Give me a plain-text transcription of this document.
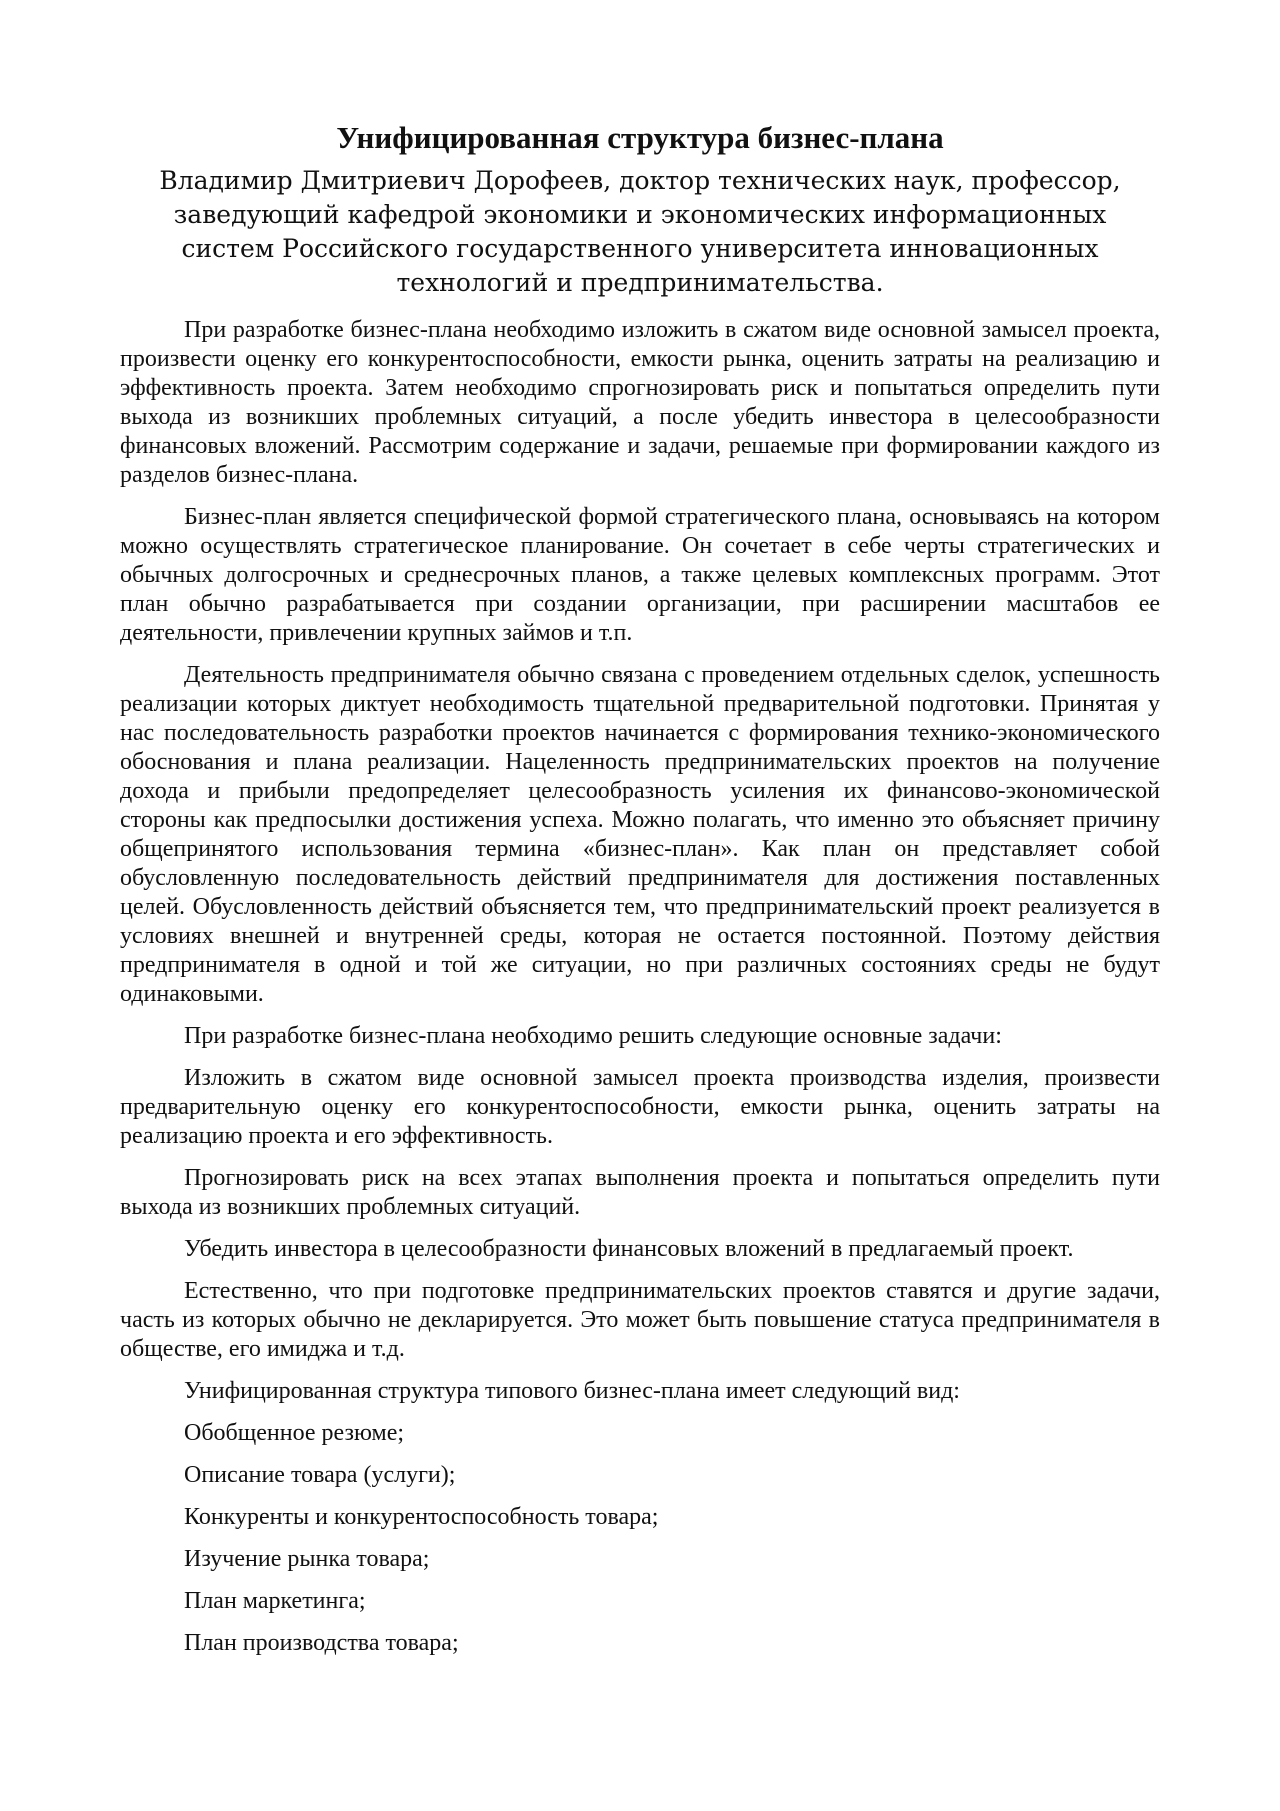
Унифицированная структура бизнес-плана
Владимир Дмитриевич Дорофеев, доктор технических наук, профессор, заведующий кафедрой экономики и экономических информационных систем Российского государственного университета инновационных технологий и предпринимательства.

При разработке бизнес-плана необходимо изложить в сжатом виде основной замысел проекта, произвести оценку его конкурентоспособности, емкости рынка, оценить затраты на реализацию и эффективность проекта. Затем необходимо спрогнозировать риск и попытаться определить пути выхода из возникших проблемных ситуаций, а после убедить инвестора в целесообразности финансовых вложений. Рассмотрим содержание и задачи, решаемые при формировании каждого из разделов бизнес-плана.

Бизнес-план является специфической формой стратегического плана, основываясь на котором можно осуществлять стратегическое планирование. Он сочетает в себе черты стратегических и обычных долгосрочных и среднесрочных планов, а также целевых комплексных программ. Этот план обычно разрабатывается при создании организации, при расширении масштабов ее деятельности, привлечении крупных займов и т.п.

Деятельность предпринимателя обычно связана с проведением отдельных сделок, успешность реализации которых диктует необходимость тщательной предварительной подготовки. Принятая у нас последовательность разработки проектов начинается с формирования технико-экономического обоснования и плана реализации. Нацеленность предпринимательских проектов на получение дохода и прибыли предопределяет целесообразность усиления их финансово-экономической стороны как предпосылки достижения успеха. Можно полагать, что именно это объясняет причину общепринятого использования термина «бизнес-план». Как план он представляет собой обусловленную последовательность действий предпринимателя для достижения поставленных целей. Обусловленность действий объясняется тем, что предпринимательский проект реализуется в условиях внешней и внутренней среды, которая не остается постоянной. Поэтому действия предпринимателя в одной и той же ситуации, но при различных состояниях среды не будут одинаковыми.

При разработке бизнес-плана необходимо решить следующие основные задачи:

Изложить в сжатом виде основной замысел проекта производства изделия, произвести предварительную оценку его конкурентоспособности, емкости рынка, оценить затраты на реализацию проекта и его эффективность.

Прогнозировать риск на всех этапах выполнения проекта и попытаться определить пути выхода из возникших проблемных ситуаций.

Убедить инвестора в целесообразности финансовых вложений в предлагаемый проект.

Естественно, что при подготовке предпринимательских проектов ставятся и другие задачи, часть из которых обычно не декларируется. Это может быть повышение статуса предпринимателя в обществе, его имиджа и т.д.

Унифицированная структура типового бизнес-плана имеет следующий вид:

Обобщенное резюме;

Описание товара (услуги);

Конкуренты и конкурентоспособность товара;

Изучение рынка товара;

План маркетинга;

План производства товара;
